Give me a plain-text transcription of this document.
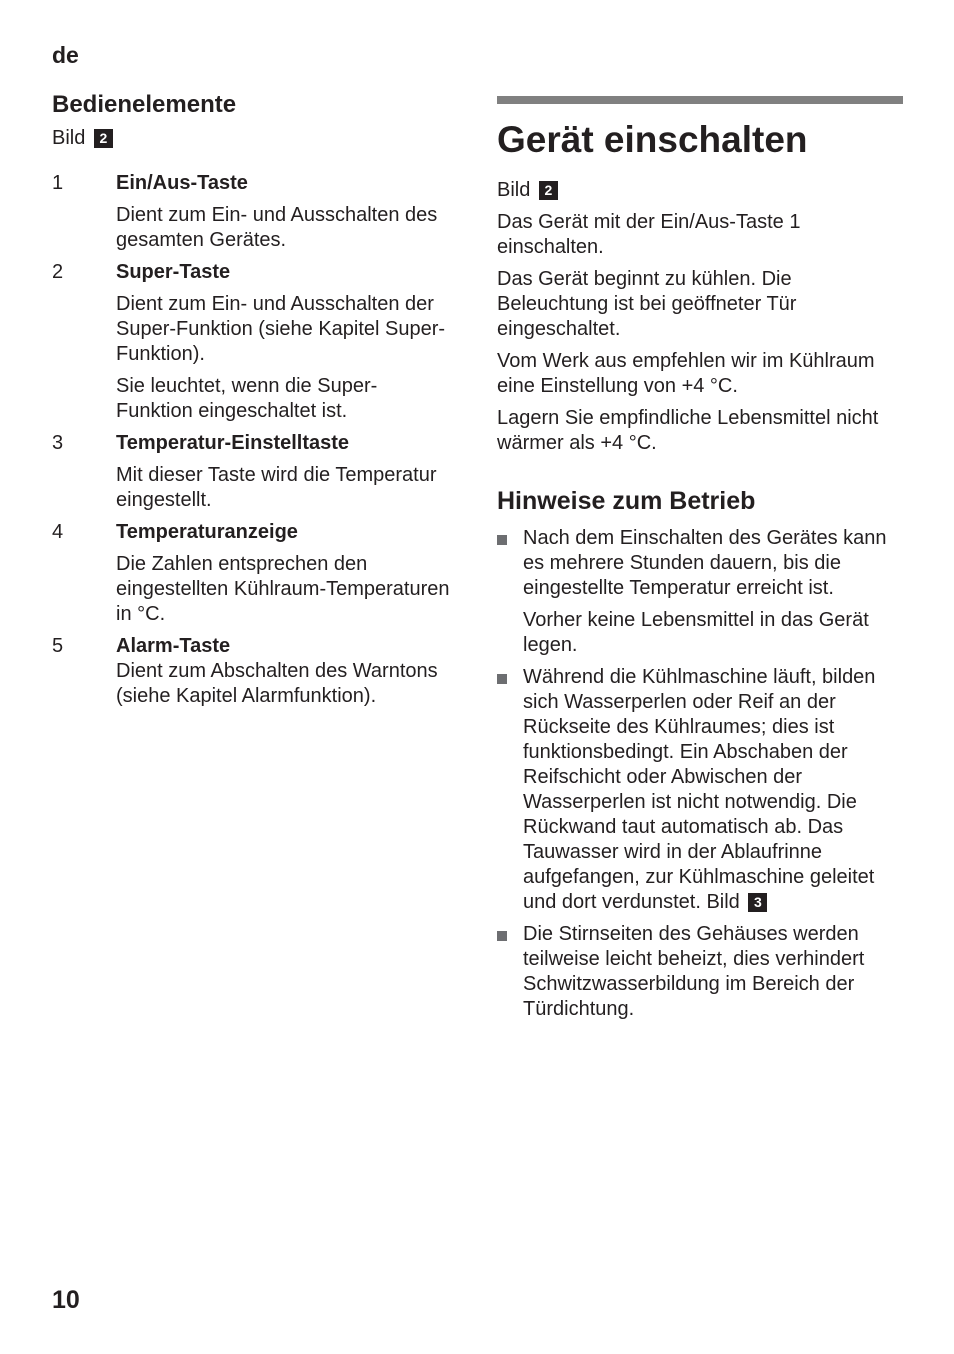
de
Bedienelemente

Bild 2

1	Ein/Aus-Taste

Dient zum Ein- und Ausschalten des gesamten Gerätes.

2	Super-Taste

Dient zum Ein- und Ausschalten der Super-Funktion (siehe Kapitel Super-Funktion).

Sie leuchtet, wenn die Super-Funktion eingeschaltet ist.

3	Temperatur-Einstelltaste

Mit dieser Taste wird die Temperatur eingestellt.

4	Temperaturanzeige

Die Zahlen entsprechen den eingestellten Kühlraum-Temperaturen in °C.

5	Alarm-Taste

Dient zum Abschalten des Warntons (siehe Kapitel Alarmfunktion).

Gerät einschalten

Bild 2

Das Gerät mit der Ein/Aus-Taste 1 einschalten.

Das Gerät beginnt zu kühlen. Die Beleuchtung ist bei geöffneter Tür eingeschaltet.

Vom Werk aus empfehlen wir im Kühlraum eine Einstellung von +4 °C.

Lagern Sie empfindliche Lebensmittel nicht wärmer als +4 °C.

Hinweise zum Betrieb

Nach dem Einschalten des Gerätes kann es mehrere Stunden dauern, bis die eingestellte Temperatur erreicht ist.

Vorher keine Lebensmittel in das Gerät legen.

Während die Kühlmaschine läuft, bilden sich Wasserperlen oder Reif an der Rückseite des Kühlraumes; dies ist funktionsbedingt. Ein Abschaben der Reifschicht oder Abwischen der Wasserperlen ist nicht notwendig. Die Rückwand taut automatisch ab. Das Tauwasser wird in der Ablaufrinne aufgefangen, zur Kühlmaschine geleitet und dort verdunstet. Bild 3

Die Stirnseiten des Gehäuses werden teilweise leicht beheizt, dies verhindert Schwitzwasserbildung im Bereich der Türdichtung.

10
